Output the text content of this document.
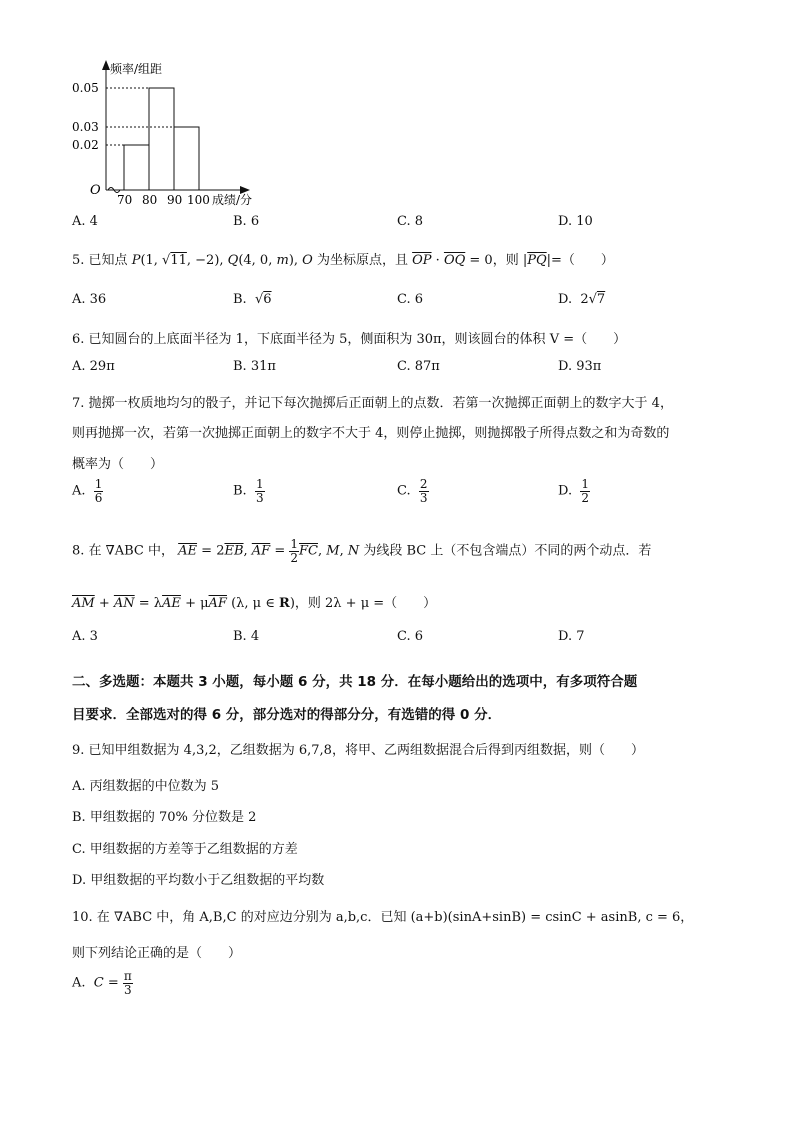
频率/组距
0.05
0.03
0.02
O
70 80 90 100 成绩/分
A. 4	B. 6	C. 8	D. 10
5. 已知点 P(1, √11, −2), Q(4, 0, m), O 为坐标原点，且 $\overline{OP} \cdot \overline{OQ} = 0$，则 $|\overline{PQ}|=$（　　）
A. 36	B.  √6	C. 6	D.  2√7
6. 已知圆台的上底面半径为 1，下底面半径为 5，侧面积为 30π，则该圆台的体积 V =（　　）
A. 29π	B. 31π	C. 87π	D. 93π
7. 抛掷一枚质地均匀的骰子，并记下每次抛掷后正面朝上的点数．若第一次抛掷正面朝上的数字大于 4，
则再抛掷一次，若第一次抛掷正面朝上的数字不大于 4，则停止抛掷，则抛掷骰子所得点数之和为奇数的
概率为（　　）
A. $\frac{1}{6}$	B. $\frac{1}{3}$	C. $\frac{2}{3}$	D. $\frac{1}{2}$
8. 在 ∇ABC 中， $\overline{AE} = 2\overline{EB}$, $\overline{AF} = \frac{1}{2} \overline{FC}$, M, N 为线段 BC 上（不包含端点）不同的两个动点．若
$\overline{AM} + \overline{AN} = \lambda\overline{AE} + \mu\overline{AF}$ (λ, μ ∈ R)，则 2λ + μ =（　　）
A. 3	B. 4	C. 6	D. 7
二、多选题：本题共 3 小题，每小题 6 分，共 18 分．在每小题给出的选项中，有多项符合题
目要求．全部选对的得 6 分，部分选对的得部分分，有选错的得 0 分．
9. 已知甲组数据为 4,3,2，乙组数据为 6,7,8，将甲、乙两组数据混合后得到丙组数据，则（　　）
A. 丙组数据的中位数为 5
B. 甲组数据的 70% 分位数是 2
C. 甲组数据的方差等于乙组数据的方差
D. 甲组数据的平均数小于乙组数据的平均数
10. 在 ∇ABC 中，角 A,B,C 的对应边分别为 a,b,c．已知 (a+b)(sinA+sinB) = csinC + asinB, c = 6，
则下列结论正确的是（　　）
A. $C = \frac{\pi}{3}$
